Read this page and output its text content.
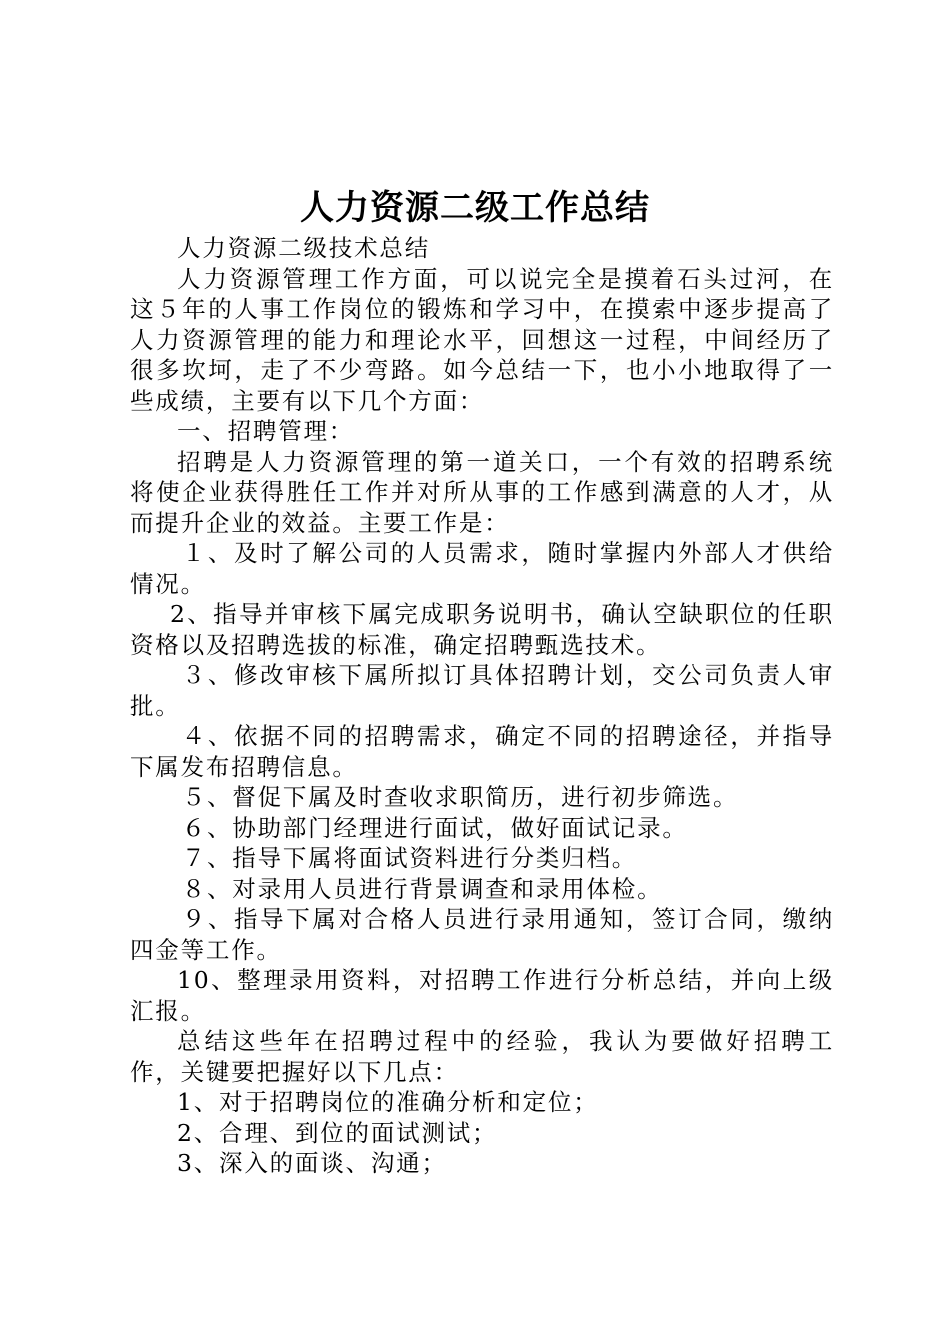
人力资源二级工作总结

人力资源二级技术总结

人力资源管理工作方面，可以说完全是摸着石头过河，在这５年的人事工作岗位的锻炼和学习中，在摸索中逐步提高了人力资源管理的能力和理论水平，回想这一过程，中间经历了很多坎坷，走了不少弯路。如今总结一下，也小小地取得了一些成绩，主要有以下几个方面：

一、招聘管理：

招聘是人力资源管理的第一道关口，一个有效的招聘系统将使企业获得胜任工作并对所从事的工作感到满意的人才，从而提升企业的效益。主要工作是：

１、及时了解公司的人员需求，随时掌握内外部人才供给情况。

2、指导并审核下属完成职务说明书，确认空缺职位的任职资格以及招聘选拔的标准，确定招聘甄选技术。

３、修改审核下属所拟订具体招聘计划，交公司负责人审批。

４、依据不同的招聘需求，确定不同的招聘途径，并指导下属发布招聘信息。

５、督促下属及时查收求职简历，进行初步筛选。

６、协助部门经理进行面试，做好面试记录。

７、指导下属将面试资料进行分类归档。

８、对录用人员进行背景调查和录用体检。

９、指导下属对合格人员进行录用通知，签订合同，缴纳四金等工作。

10、整理录用资料，对招聘工作进行分析总结，并向上级汇报。

总结这些年在招聘过程中的经验，我认为要做好招聘工作，关键要把握好以下几点：

1、对于招聘岗位的准确分析和定位；

2、合理、到位的面试测试；

3、深入的面谈、沟通；
